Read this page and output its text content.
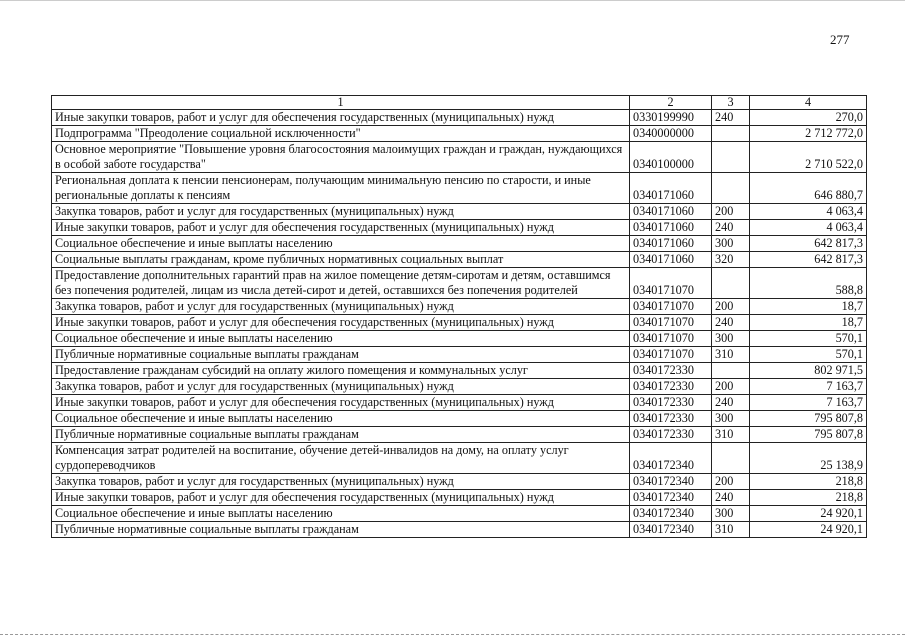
277
1	2	3	4
Иные закупки товаров, работ и услуг для обеспечения государственных (муниципальных) нужд	0330199990	240	270,0
Подпрограмма "Преодоление социальной исключенности"	0340000000		2 712 772,0
Основное мероприятие "Повышение уровня благосостояния малоимущих граждан и граждан, нуждающихся в особой заботе государства"	0340100000		2 710 522,0
Региональная доплата к пенсии пенсионерам, получающим минимальную пенсию по старости, и иные региональные доплаты к пенсиям	0340171060		646 880,7
Закупка товаров, работ и услуг для государственных (муниципальных) нужд	0340171060	200	4 063,4
Иные закупки товаров, работ и услуг для обеспечения государственных (муниципальных) нужд	0340171060	240	4 063,4
Социальное обеспечение и иные выплаты населению	0340171060	300	642 817,3
Социальные выплаты гражданам, кроме публичных нормативных социальных выплат	0340171060	320	642 817,3
Предоставление дополнительных гарантий прав на жилое помещение детям-сиротам и детям, оставшимся без попечения родителей, лицам из числа детей-сирот и детей, оставшихся без попечения родителей	0340171070		588,8
Закупка товаров, работ и услуг для государственных (муниципальных) нужд	0340171070	200	18,7
Иные закупки товаров, работ и услуг для обеспечения государственных (муниципальных) нужд	0340171070	240	18,7
Социальное обеспечение и иные выплаты населению	0340171070	300	570,1
Публичные нормативные социальные выплаты гражданам	0340171070	310	570,1
Предоставление гражданам субсидий на оплату жилого помещения и коммунальных услуг	0340172330		802 971,5
Закупка товаров, работ и услуг для государственных (муниципальных) нужд	0340172330	200	7 163,7
Иные закупки товаров, работ и услуг для обеспечения государственных (муниципальных) нужд	0340172330	240	7 163,7
Социальное обеспечение и иные выплаты населению	0340172330	300	795 807,8
Публичные нормативные социальные выплаты гражданам	0340172330	310	795 807,8
Компенсация затрат родителей на воспитание, обучение детей-инвалидов на дому, на оплату услуг сурдопереводчиков	0340172340		25 138,9
Закупка товаров, работ и услуг для государственных (муниципальных) нужд	0340172340	200	218,8
Иные закупки товаров, работ и услуг для обеспечения государственных (муниципальных) нужд	0340172340	240	218,8
Социальное обеспечение и иные выплаты населению	0340172340	300	24 920,1
Публичные нормативные социальные выплаты гражданам	0340172340	310	24 920,1
